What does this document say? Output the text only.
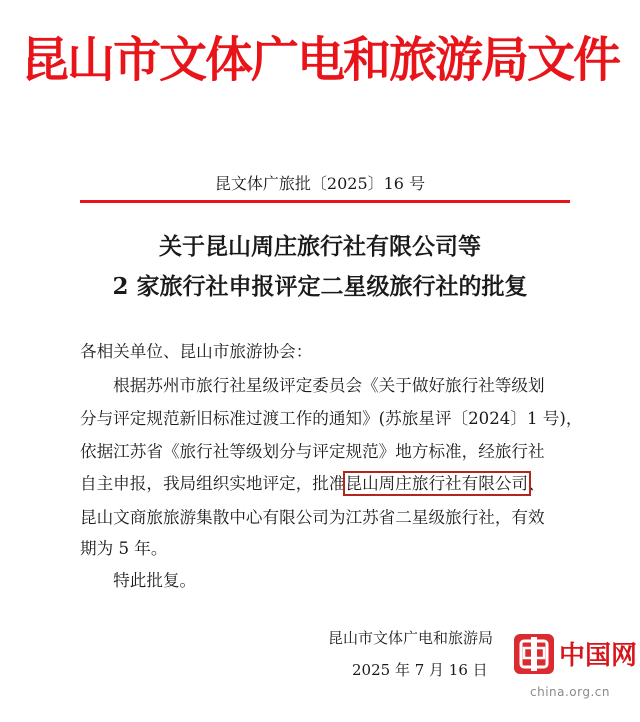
昆山市文体广电和旅游局文件
昆文体广旅批〔2025〕16 号
关于昆山周庄旅行社有限公司等
2 家旅行社申报评定二星级旅行社的批复
各相关单位、昆山市旅游协会：
　　根据苏州市旅行社星级评定委员会《关于做好旅行社等级划
分与评定规范新旧标准过渡工作的通知》(苏旅星评〔2024〕1 号)，
依据江苏省《旅行社等级划分与评定规范》地方标准，经旅行社
自主申报，我局组织实地评定，批准昆山周庄旅行社有限公司、
昆山文商旅旅游集散中心有限公司为江苏省二星级旅行社，有效
期为 5 年。
　　特此批复。
昆山市文体广电和旅游局
2025 年 7 月 16 日	中国网
china.org.cn
